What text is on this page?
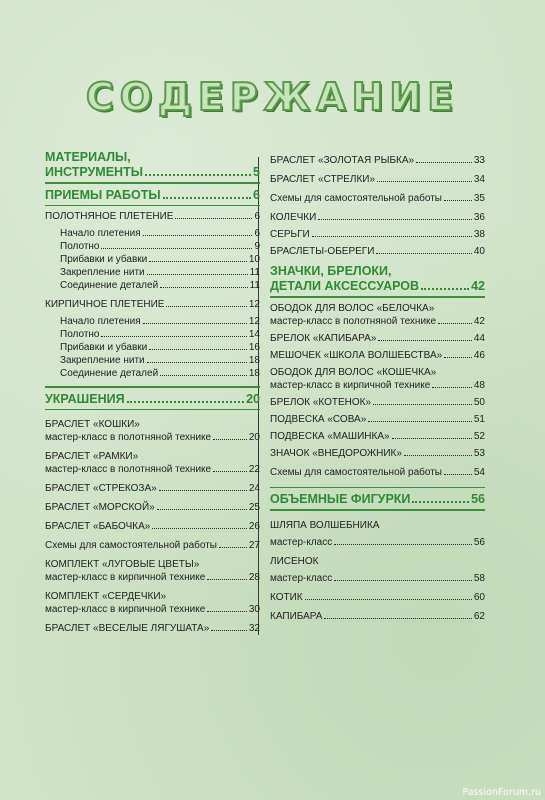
СОДЕРЖАНИЕ
МАТЕРИАЛЫ,
ИНСТРУМЕНТЫ	5
ПРИЕМЫ РАБОТЫ	6
ПОЛОТНЯНОЕ ПЛЕТЕНИЕ	6
Начало плетения	6
Полотно	9
Прибавки и убавки	10
Закрепление нити	11
Соединение деталей	11
КИРПИЧНОЕ ПЛЕТЕНИЕ	12
Начало плетения	12
Полотно	14
Прибавки и убавки	16
Закрепление нити	18
Соединение деталей	18
УКРАШЕНИЯ	20
БРАСЛЕТ «КОШКИ»
мастер-класс в полотняной технике	20
БРАСЛЕТ «РАМКИ»
мастер-класс в полотняной технике	22
БРАСЛЕТ «СТРЕКОЗА»	24
БРАСЛЕТ «МОРСКОЙ»	25
БРАСЛЕТ «БАБОЧКА»	26
Схемы для самостоятельной работы	27
КОМПЛЕКТ «ЛУГОВЫЕ ЦВЕТЫ»
мастер-класс в кирпичной технике	28
КОМПЛЕКТ «СЕРДЕЧКИ»
мастер-класс в кирпичной технике	30
БРАСЛЕТ «ВЕСЕЛЫЕ ЛЯГУШАТА»	32
БРАСЛЕТ «ЗОЛОТАЯ РЫБКА»	33
БРАСЛЕТ «СТРЕЛКИ»	34
Схемы для самостоятельной работы	35
КОЛЕЧКИ	36
СЕРЬГИ	38
БРАСЛЕТЫ-ОБЕРЕГИ	40
ЗНАЧКИ, БРЕЛОКИ,
ДЕТАЛИ АКСЕССУАРОВ	42
ОБОДОК ДЛЯ ВОЛОС «БЕЛОЧКА»
мастер-класс в полотняной технике	42
БРЕЛОК «КАПИБАРА»	44
МЕШОЧЕК «ШКОЛА ВОЛШЕБСТВА»	46
ОБОДОК ДЛЯ ВОЛОС «КОШЕЧКА»
мастер-класс в кирпичной технике	48
БРЕЛОК «КОТЕНОК»	50
ПОДВЕСКА «СОВА»	51
ПОДВЕСКА «МАШИНКА»	52
ЗНАЧОК «ВНЕДОРОЖНИК»	53
Схемы для самостоятельной работы	54
ОБЪЕМНЫЕ ФИГУРКИ	56
ШЛЯПА ВОЛШЕБНИКА
мастер-класс	56
ЛИСЕНОК
мастер-класс	58
КОТИК	60
КАПИБАРА	62
PassionForum.ru
